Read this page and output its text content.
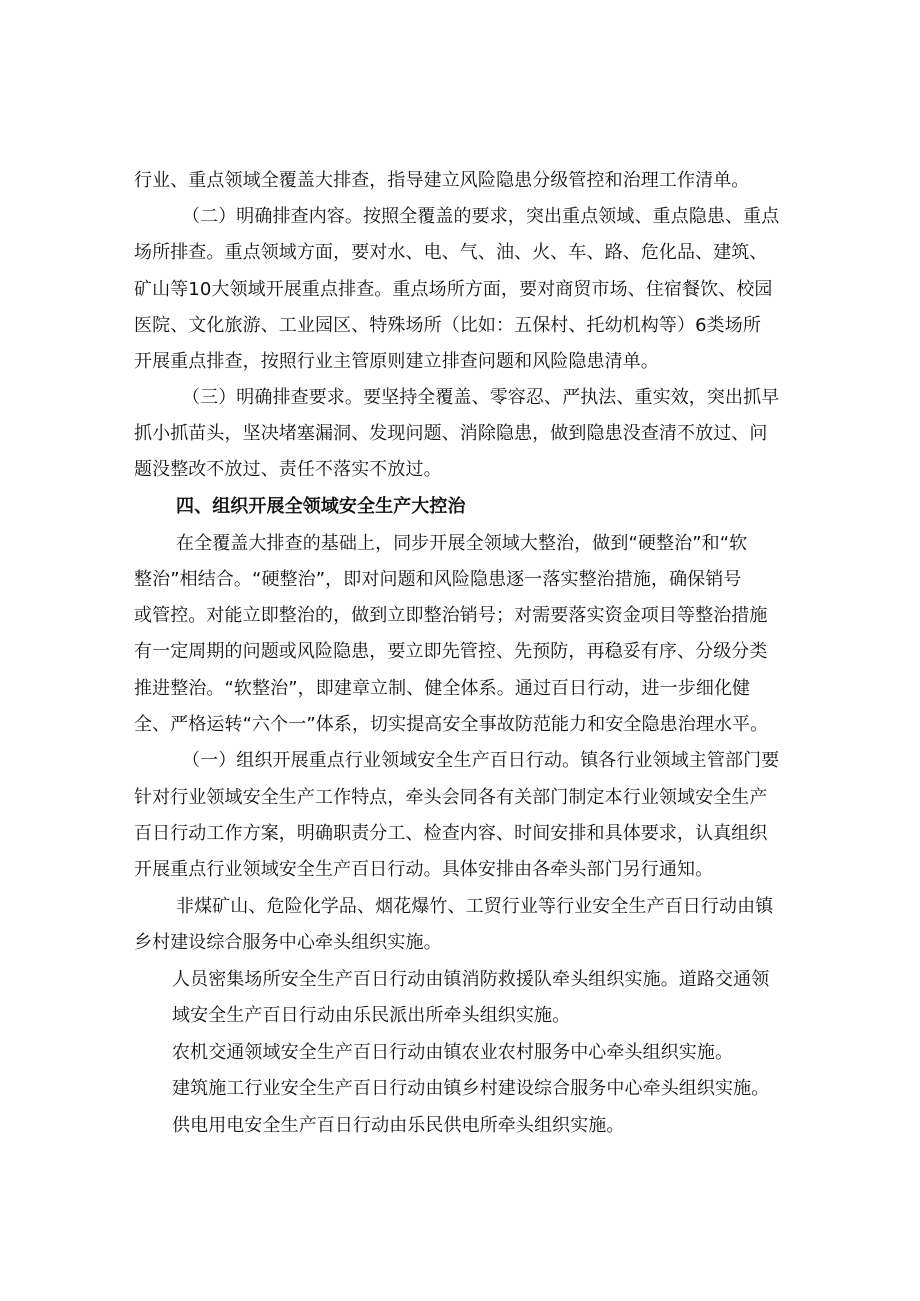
行业、重点领域全覆盖大排查，指导建立风险隐患分级管控和治理工作清单。
（二）明确排查内容。按照全覆盖的要求，突出重点领域、重点隐患、重点
场所排查。重点领域方面，要对水、电、气、油、火、车、路、危化品、建筑、
矿山等10大领域开展重点排查。重点场所方面，要对商贸市场、住宿餐饮、校园
医院、文化旅游、工业园区、特殊场所（比如：五保村、托幼机构等）6类场所
开展重点排查，按照行业主管原则建立排查问题和风险隐患清单。
（三）明确排查要求。要坚持全覆盖、零容忍、严执法、重实效，突出抓早
抓小抓苗头，坚决堵塞漏洞、发现问题、消除隐患，做到隐患没查清不放过、问
题没整改不放过、责任不落实不放过。
四、组织开展全领域安全生产大控治
在全覆盖大排查的基础上，同步开展全领域大整治，做到“硬整治”和“软
整治”相结合。“硬整治”，即对问题和风险隐患逐一落实整治措施，确保销号
或管控。对能立即整治的，做到立即整治销号；对需要落实资金项目等整治措施
有一定周期的问题或风险隐患，要立即先管控、先预防，再稳妥有序、分级分类
推进整治。“软整治”，即建章立制、健全体系。通过百日行动，进一步细化健
全、严格运转“六个一”体系，切实提高安全事故防范能力和安全隐患治理水平。
（一）组织开展重点行业领域安全生产百日行动。镇各行业领域主管部门要
针对行业领域安全生产工作特点，牵头会同各有关部门制定本行业领域安全生产
百日行动工作方案，明确职责分工、检查内容、时间安排和具体要求，认真组织
开展重点行业领域安全生产百日行动。具体安排由各牵头部门另行通知。
非煤矿山、危险化学品、烟花爆竹、工贸行业等行业安全生产百日行动由镇
乡村建设综合服务中心牵头组织实施。
人员密集场所安全生产百日行动由镇消防救援队牵头组织实施。道路交通领
域安全生产百日行动由乐民派出所牵头组织实施。
农机交通领域安全生产百日行动由镇农业农村服务中心牵头组织实施。
建筑施工行业安全生产百日行动由镇乡村建设综合服务中心牵头组织实施。
供电用电安全生产百日行动由乐民供电所牵头组织实施。
